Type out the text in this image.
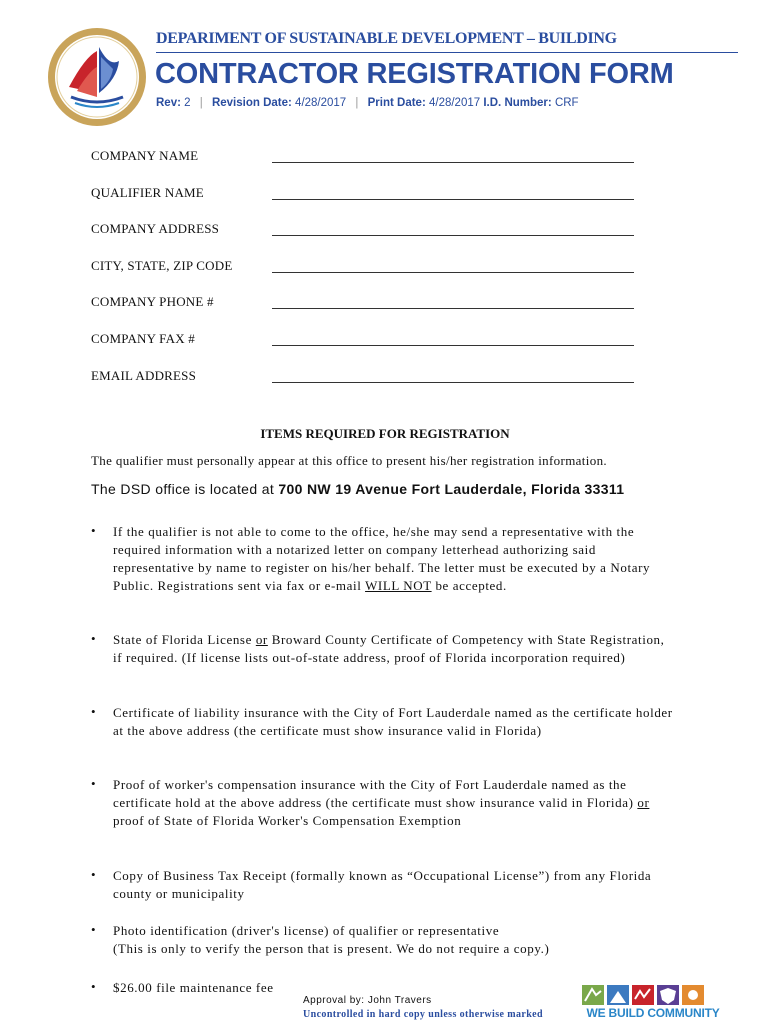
DEPARIMENT OF SUSTAINABLE DEVELOPMENT – BUILDING
CONTRACTOR REGISTRATION FORM
Rev: 2 | Revision Date: 4/28/2017 | Print Date: 4/28/2017 I.D. Number: CRF
COMPANY NAME
QUALIFIER NAME
COMPANY ADDRESS
CITY, STATE, ZIP CODE
COMPANY PHONE #
COMPANY FAX #
EMAIL ADDRESS
ITEMS REQUIRED FOR REGISTRATION
The qualifier must personally appear at this office to present his/her registration information.
The DSD office is located at 700 NW 19 Avenue Fort Lauderdale, Florida 33311
• If the qualifier is not able to come to the office, he/she may send a representative with the required information with a notarized letter on company letterhead authorizing said representative by name to register on his/her behalf. The letter must be executed by a Notary Public. Registrations sent via fax or e-mail WILL NOT be accepted.
• State of Florida License or Broward County Certificate of Competency with State Registration, if required. (If license lists out-of-state address, proof of Florida incorporation required)
• Certificate of liability insurance with the City of Fort Lauderdale named as the certificate holder at the above address (the certificate must show insurance valid in Florida)
• Proof of worker's compensation insurance with the City of Fort Lauderdale named as the certificate hold at the above address (the certificate must show insurance valid in Florida) or proof of State of Florida Worker's Compensation Exemption
• Copy of Business Tax Receipt (formally known as “Occupational License”) from any Florida county or municipality
• Photo identification (driver's license) of qualifier or representative
(This is only to verify the person that is present. We do not require a copy.)
• $26.00 file maintenance fee
Approval by: John Travers
Uncontrolled in hard copy unless otherwise marked	WE BUILD COMMUNITY
